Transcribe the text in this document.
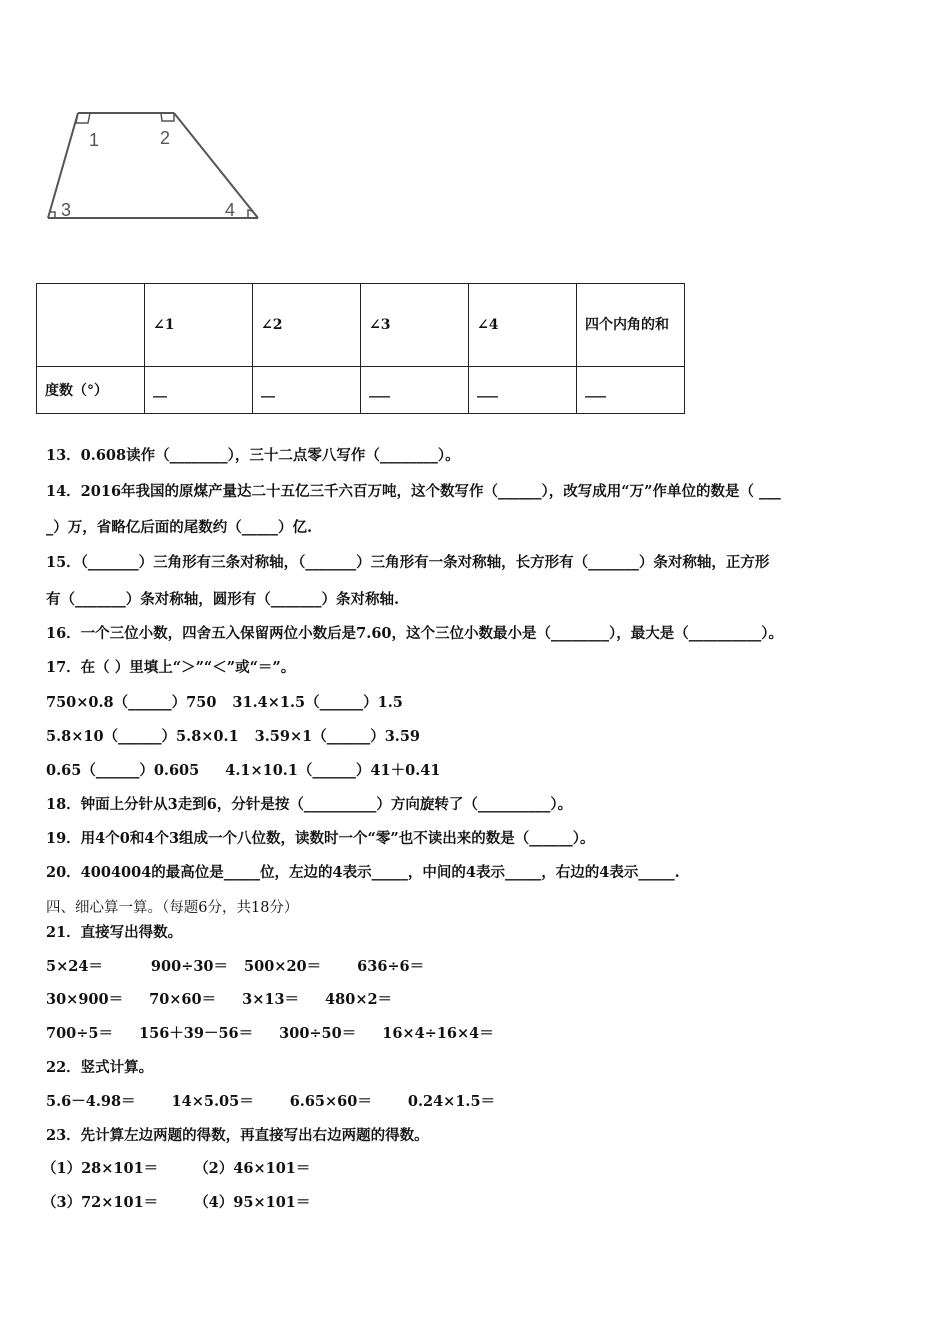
1	2
3	4
	∠1	∠2	∠3	∠4	四个内角的和
度数（°）	__	__	___	___	___
13．0.608读作（________），三十二点零八写作（________）。
14．2016年我国的原煤产量达二十五亿三千六百万吨，这个数写作（______），改写成用“万”作单位的数是（ ___
_）万，省略亿后面的尾数约（_____）亿.
15．（_______）三角形有三条对称轴，（_______）三角形有一条对称轴，长方形有（_______）条对称轴，正方形
有（_______）条对称轴，圆形有（_______）条对称轴.
16．一个三位小数，四舍五入保留两位小数后是7.60，这个三位小数最小是（________），最大是（__________）。
17．在（ ）里填上“＞”“＜”或“＝”。
750×0.8（______）750 31.4×1.5（______）1.5
5.8×10（______）5.8×0.1 3.59×1（______）3.59
0.65（______）0.605 4.1×10.1（______）41＋0.41
18．钟面上分针从3走到6，分针是按（__________）方向旋转了（__________）。
19．用4个0和4个3组成一个八位数，读数时一个“零”也不读出来的数是（______）。
20．4004004的最高位是_____位，左边的4表示_____，中间的4表示_____，右边的4表示_____.
四、细心算一算。（每题6分，共18分）
21．直接写出得数。
5×24＝	900÷30＝ 500×20＝ 636÷6＝
30×900＝ 70×60＝ 3×13＝ 480×2＝
700÷5＝ 156＋39－56＝ 300÷50＝ 16×4÷16×4＝
22．竖式计算。
5.6－4.98＝ 14×5.05＝ 6.65×60＝ 0.24×1.5＝
23．先计算左边两题的得数，再直接写出右边两题的得数。
（1）28×101＝ （2）46×101＝
（3）72×101＝ （4）95×101＝
